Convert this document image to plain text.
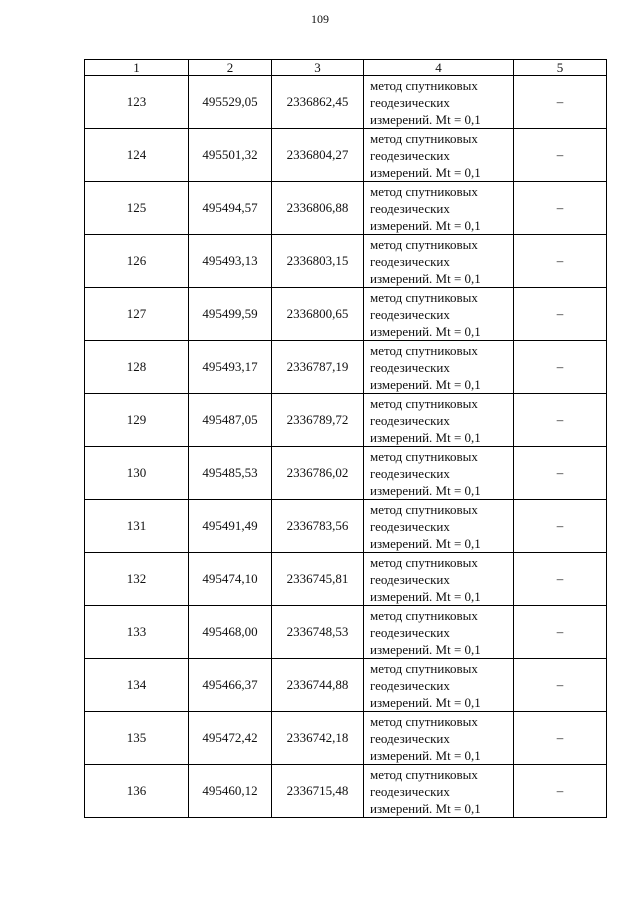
109
1	2	3	4	5
123	495529,05	2336862,45	метод спутниковых
геодезических
измерений. Mt = 0,1	–
124	495501,32	2336804,27	метод спутниковых
геодезических
измерений. Mt = 0,1	–
125	495494,57	2336806,88	метод спутниковых
геодезических
измерений. Mt = 0,1	–
126	495493,13	2336803,15	метод спутниковых
геодезических
измерений. Mt = 0,1	–
127	495499,59	2336800,65	метод спутниковых
геодезических
измерений. Mt = 0,1	–
128	495493,17	2336787,19	метод спутниковых
геодезических
измерений. Mt = 0,1	–
129	495487,05	2336789,72	метод спутниковых
геодезических
измерений. Mt = 0,1	–
130	495485,53	2336786,02	метод спутниковых
геодезических
измерений. Mt = 0,1	–
131	495491,49	2336783,56	метод спутниковых
геодезических
измерений. Mt = 0,1	–
132	495474,10	2336745,81	метод спутниковых
геодезических
измерений. Mt = 0,1	–
133	495468,00	2336748,53	метод спутниковых
геодезических
измерений. Mt = 0,1	–
134	495466,37	2336744,88	метод спутниковых
геодезических
измерений. Mt = 0,1	–
135	495472,42	2336742,18	метод спутниковых
геодезических
измерений. Mt = 0,1	–
136	495460,12	2336715,48	метод спутниковых
геодезических
измерений. Mt = 0,1	–
